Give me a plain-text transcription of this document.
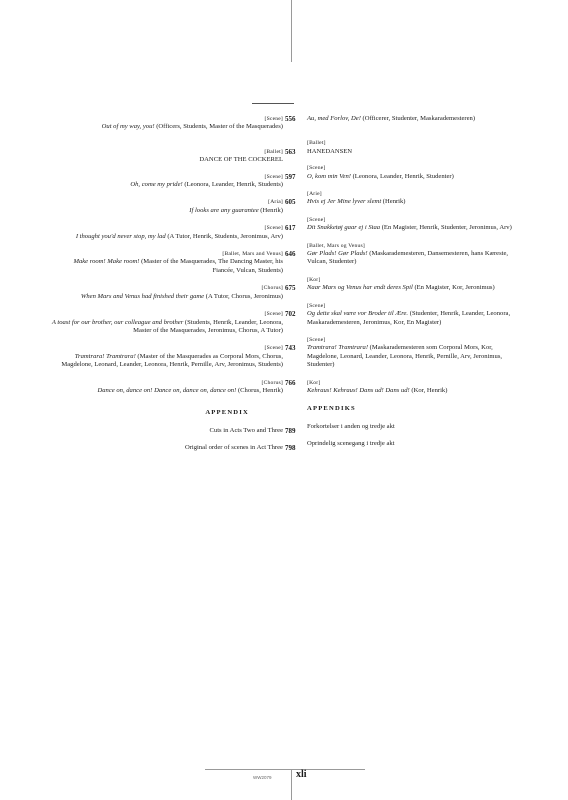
[Scene]
Out of my way, you! (Officers, Students, Master of the Masquerades)
556
[Ballet]
DANCE OF THE COCKEREL
563
[Scene]
Oh, come my pride! (Leonora, Leander, Henrik, Students)
597
[Aria]
If looks are any guarantee (Henrik)
605
[Scene]
I thought you'd never stop, my lad (A Tutor, Henrik, Students, Jeronimus, Arv)
617
[Ballet, Mars and Venus]
Make room! Make room! (Master of the Masquerades, The Dancing Master, his Fiancée, Vulcan, Students)
646
[Chorus]
When Mars and Venus had finished their game (A Tutor, Chorus, Jeronimus)
675
[Scene]
A toast for our brother, our colleague and brother (Students, Henrik, Leander, Leonora, Master of the Masquerades, Jeronimus, Chorus, A Tutor)
702
[Scene]
Tramtrara! Tramtrara! (Master of the Masquerades as Corporal Mors, Chorus, Magdelone, Leonard, Leander, Leonora, Henrik, Pernille, Arv, Jeronimus, Students)
743
[Chorus]
Dance on, dance on! Dance on, dance on, dance on! (Chorus, Henrik)
766
APPENDIX
Cuts in Acts Two and Three 789
Original order of scenes in Act Three 798
Au, med Forlov, De! (Officerer, Studenter, Maskarademesteren)
[Ballet]
HANEDANSEN
[Scene]
O, kom min Ven! (Leonora, Leander, Henrik, Studenter)
[Arie]
Hvis ej Jer Mine lyver slemt (Henrik)
[Scene]
Dit Snakketøj gaar ej i Staa (En Magister, Henrik, Studenter, Jeronimus, Arv)
[Ballet, Mars og Venus]
Gør Plads! Gør Plads! (Maskarademesteren, Dansemesteren, hans Kæreste, Vulcan, Studenter)
[Kor]
Naar Mars og Venus har endt deres Spil (En Magister, Kor, Jeronimus)
[Scene]
Og dette skal være vor Broder til Ære. (Studenter, Henrik, Leander, Leonora, Maskarademesteren, Jeronimus, Kor, En Magister)
[Scene]
Tramtrara! Tramtrara! (Maskarademesteren som Corporal Mors, Kor, Magdelone, Leonard, Leander, Leonora, Henrik, Pernille, Arv, Jeronimus, Studenter)
[Kor]
Kehraus! Kehraus! Dans ud! Dans ud! (Kor, Henrik)
APPENDIKS
Forkortelser i anden og tredje akt
Oprindelig scenegang i tredje akt
WW2079 xli
